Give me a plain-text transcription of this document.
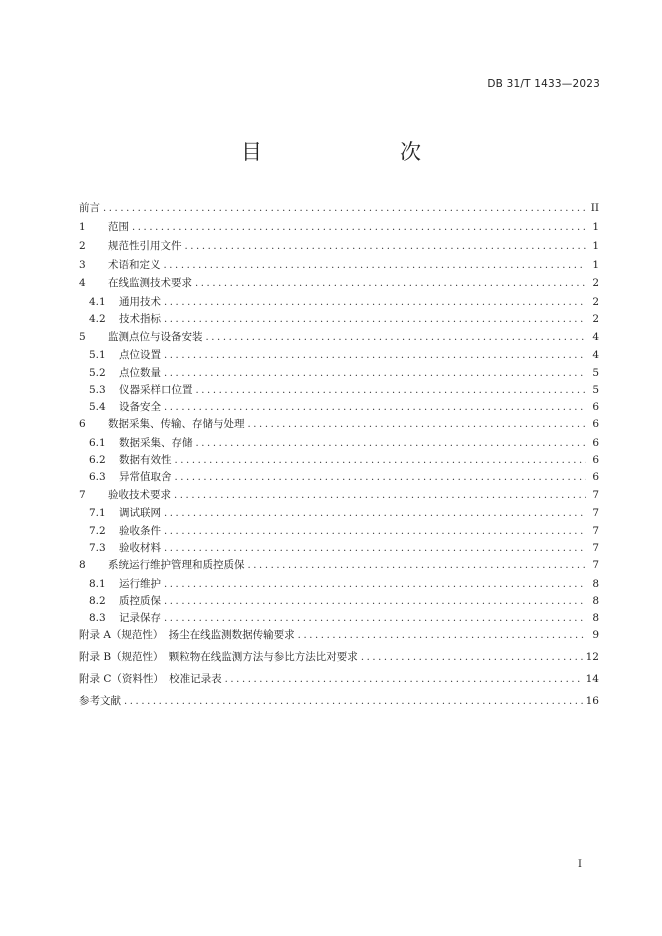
DB 31/T 1433—2023
目　　次
前言 .....	II
1	范围 .....	1
2	规范性引用文件 .....	1
3	术语和定义 .....	1
4	在线监测技术要求 .....	2
4.1	通用技术 .....	2
4.2	技术指标 .....	2
5	监测点位与设备安装 .....	4
5.1	点位设置 .....	4
5.2	点位数量 .....	5
5.3	仪器采样口位置 .....	5
5.4	设备安全 .....	6
6	数据采集、传输、存储与处理 .....	6
6.1	数据采集、存储 .....	6
6.2	数据有效性 .....	6
6.3	异常值取舍 .....	6
7	验收技术要求 .....	7
7.1	调试联网 .....	7
7.2	验收条件 .....	7
7.3	验收材料 .....	7
8	系统运行维护管理和质控质保 .....	7
8.1	运行维护 .....	8
8.2	质控质保 .....	8
8.3	记录保存 .....	8
附录 A（规范性）　扬尘在线监测数据传输要求 .....	9
附录 B（规范性）　颗粒物在线监测方法与参比方法比对要求 .....	12
附录 C（资料性）　校准记录表 .....	14
参考文献 .....	16
I
